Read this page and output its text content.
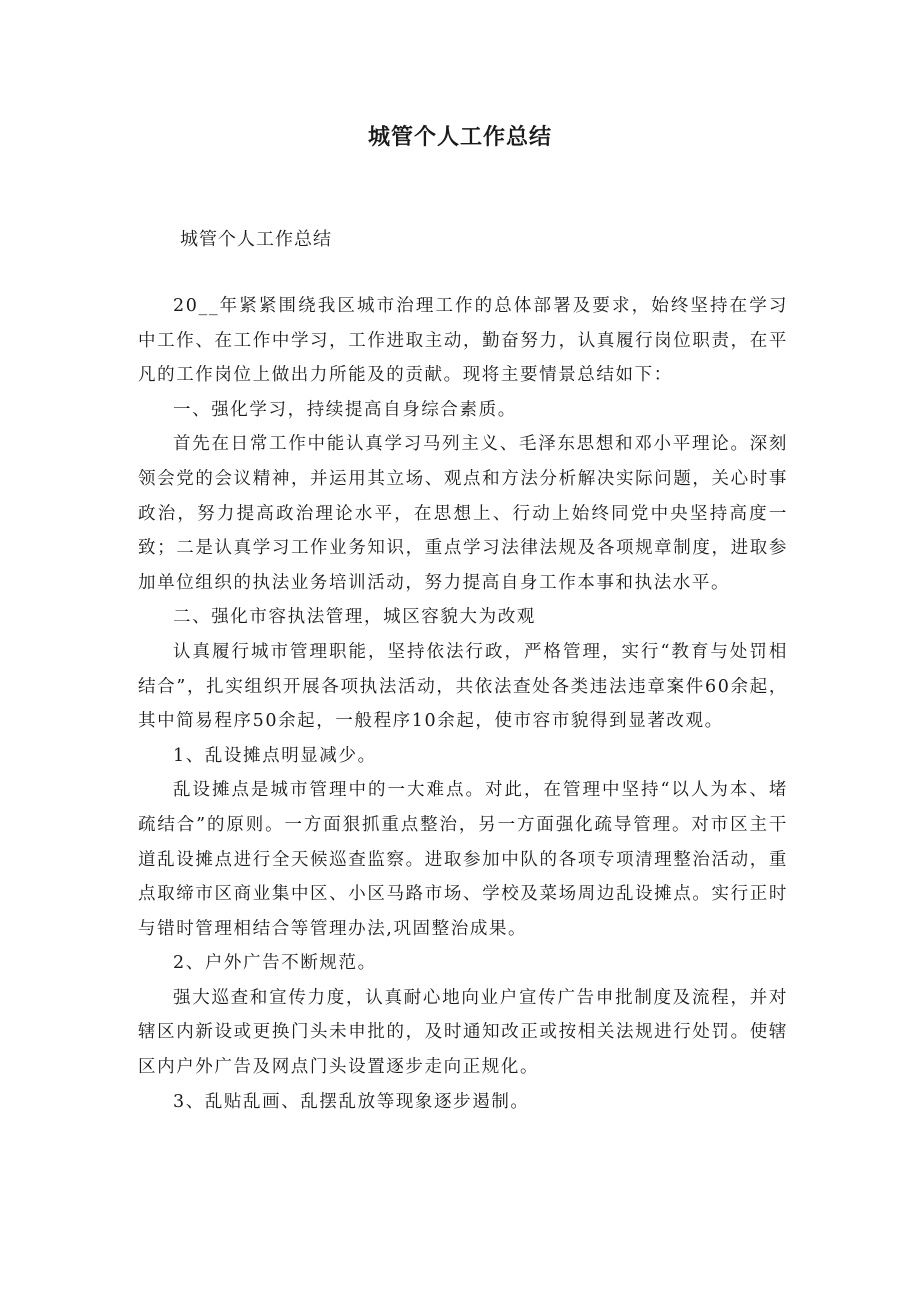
城管个人工作总结

城管个人工作总结

20__年紧紧围绕我区城市治理工作的总体部署及要求，始终坚持在学习中工作、在工作中学习，工作进取主动，勤奋努力，认真履行岗位职责，在平凡的工作岗位上做出力所能及的贡献。现将主要情景总结如下：

一、强化学习，持续提高自身综合素质。

首先在日常工作中能认真学习马列主义、毛泽东思想和邓小平理论。深刻领会党的会议精神，并运用其立场、观点和方法分析解决实际问题，关心时事政治，努力提高政治理论水平，在思想上、行动上始终同党中央坚持高度一致；二是认真学习工作业务知识，重点学习法律法规及各项规章制度，进取参加单位组织的执法业务培训活动，努力提高自身工作本事和执法水平。

二、强化市容执法管理，城区容貌大为改观

认真履行城市管理职能，坚持依法行政，严格管理，实行“教育与处罚相结合”，扎实组织开展各项执法活动，共依法查处各类违法违章案件60余起，其中简易程序50余起，一般程序10余起，使市容市貌得到显著改观。

1、乱设摊点明显减少。

乱设摊点是城市管理中的一大难点。对此，在管理中坚持“以人为本、堵疏结合”的原则。一方面狠抓重点整治，另一方面强化疏导管理。对市区主干道乱设摊点进行全天候巡查监察。进取参加中队的各项专项清理整治活动，重点取缔市区商业集中区、小区马路市场、学校及菜场周边乱设摊点。实行正时与错时管理相结合等管理办法,巩固整治成果。

2、户外广告不断规范。

强大巡查和宣传力度，认真耐心地向业户宣传广告申批制度及流程，并对辖区内新设或更换门头未申批的，及时通知改正或按相关法规进行处罚。使辖区内户外广告及网点门头设置逐步走向正规化。

3、乱贴乱画、乱摆乱放等现象逐步遏制。
